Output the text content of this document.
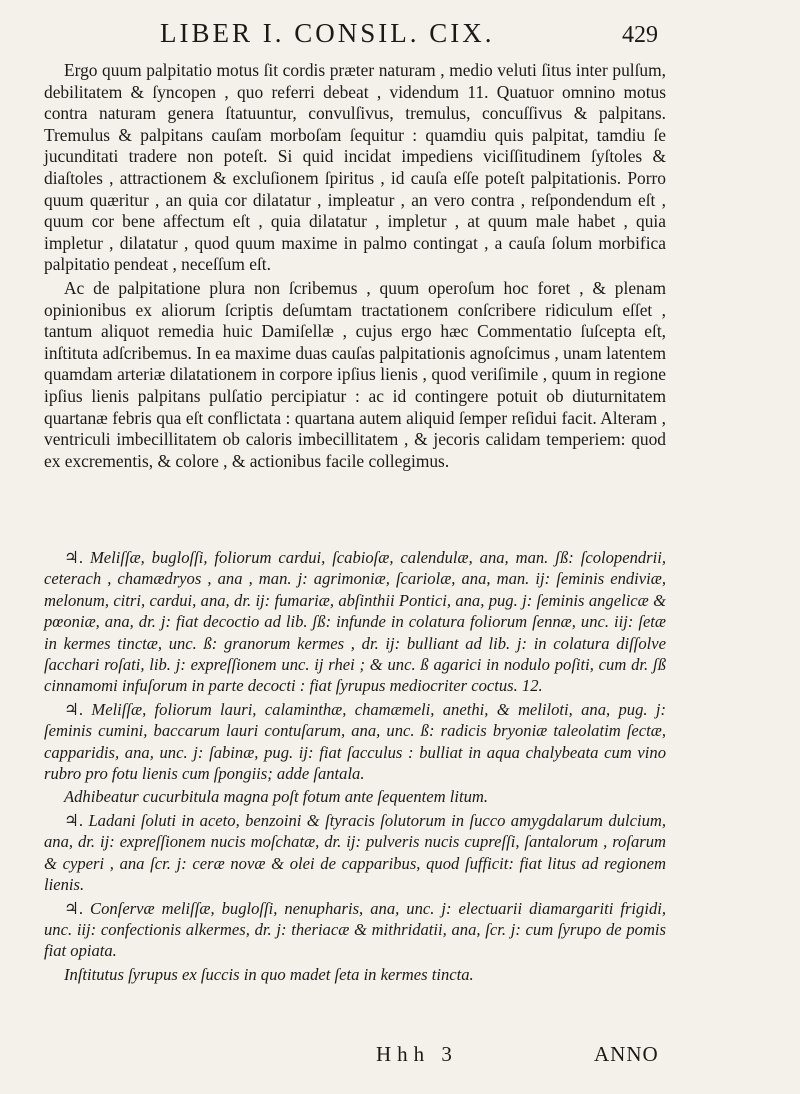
LIBER I. CONSIL. CIX.	429

Ergo quum palpitatio motus ſit cordis præter naturam , medio veluti ſitus inter pulſum, debilitatem & ſyncopen , quo referri debeat , videndum 11. Quatuor omnino motus contra naturam genera ſtatuuntur, convulſivus, tremulus, concuſſivus & palpitans. Tremulus & palpitans cauſam morboſam ſequitur : quamdiu quis palpitat, tamdiu ſe jucunditati tradere non poteſt. Si quid incidat impediens viciſſitudinem ſyſtoles & diaſtoles , attractionem & excluſionem ſpiritus , id cauſa eſſe poteſt palpitationis. Porro quum quæritur , an quia cor dilatatur , impleatur , an vero contra , reſpondendum eſt , quum cor bene affectum eſt , quia dilatatur , impletur , at quum male habet , quia impletur , dilatatur , quod quum maxime in palmo contingat , a cauſa ſolum morbifica palpitatio pendeat , neceſſum eſt.

Ac de palpitatione plura non ſcribemus , quum operoſum hoc foret , & plenam opinionibus ex aliorum ſcriptis deſumtam tractationem conſcribere ridiculum eſſet , tantum aliquot remedia huic Damiſellæ , cujus ergo hæc Commentatio ſuſcepta eſt, inſtituta adſcribemus. In ea maxime duas cauſas palpitationis agnoſcimus , unam latentem quamdam arteriæ dilatationem in corpore ipſius lienis , quod veriſimile , quum in regione ipſius lienis palpitans pulſatio percipiatur : ac id contingere potuit ob diuturnitatem quartanæ febris qua eſt conflictata : quartana autem aliquid ſemper reſidui facit. Alteram , ventriculi imbecillitatem ob caloris imbecillitatem , & jecoris calidam temperiem: quod ex excrementis, & colore , & actionibus facile collegimus.

♃. Meliſſæ, bugloſſi, foliorum cardui, ſcabioſæ, calendulæ, ana, man. ʃß: ſcolopendrii, ceterach , chamædryos , ana , man. j: agrimoniæ, ſcariolæ, ana, man. ij: ſeminis endiviæ, melonum, citri, cardui, ana, dr. ij: fumariæ, abſinthii Pontici, ana, pug. j: ſeminis angelicæ & pœoniæ, ana, dr. j: fiat decoctio ad lib. ʃß: infunde in colatura foliorum ſennæ, unc. iij: ſetæ in kermes tinctæ, unc. ß: granorum kermes , dr. ij: bulliant ad lib. j: in colatura diſſolve ſacchari roſati, lib. j: expreſſionem unc. ij rhei ; & unc. ß agarici in nodulo poſiti, cum dr. ʃß cinnamomi infuſorum in parte decocti : fiat ſyrupus mediocriter coctus. 12.

♃. Meliſſæ, foliorum lauri, calaminthæ, chamæmeli, anethi, & meliloti, ana, pug. j: ſeminis cumini, baccarum lauri contuſarum, ana, unc. ß: radicis bryoniæ taleolatim ſectæ, capparidis, ana, unc. j: ſabinæ, pug. ij: fiat ſacculus : bulliat in aqua chalybeata cum vino rubro pro fotu lienis cum ſpongiis; adde ſantala.

Adhibeatur cucurbitula magna poſt fotum ante ſequentem litum.

♃. Ladani ſoluti in aceto, benzoini & ſtyracis ſolutorum in ſucco amygdalarum dulcium, ana, dr. ij: expreſſionem nucis moſchatæ, dr. ij: pulveris nucis cupreſſi, ſantalorum , roſarum & cyperi , ana ſcr. j: ceræ novæ & olei de capparibus, quod ſufficit: fiat litus ad regionem lienis.

♃. Conſervæ meliſſæ, bugloſſi, nenupharis, ana, unc. j: electuarii diamargariti frigidi, unc. iij: confectionis alkermes, dr. j: theriacæ & mithridatii, ana, ſcr. j: cum ſyrupo de pomis fiat opiata.

Inſtitutus ſyrupus ex ſuccis in quo madet ſeta in kermes tincta.

Hhh 3	ANNO
